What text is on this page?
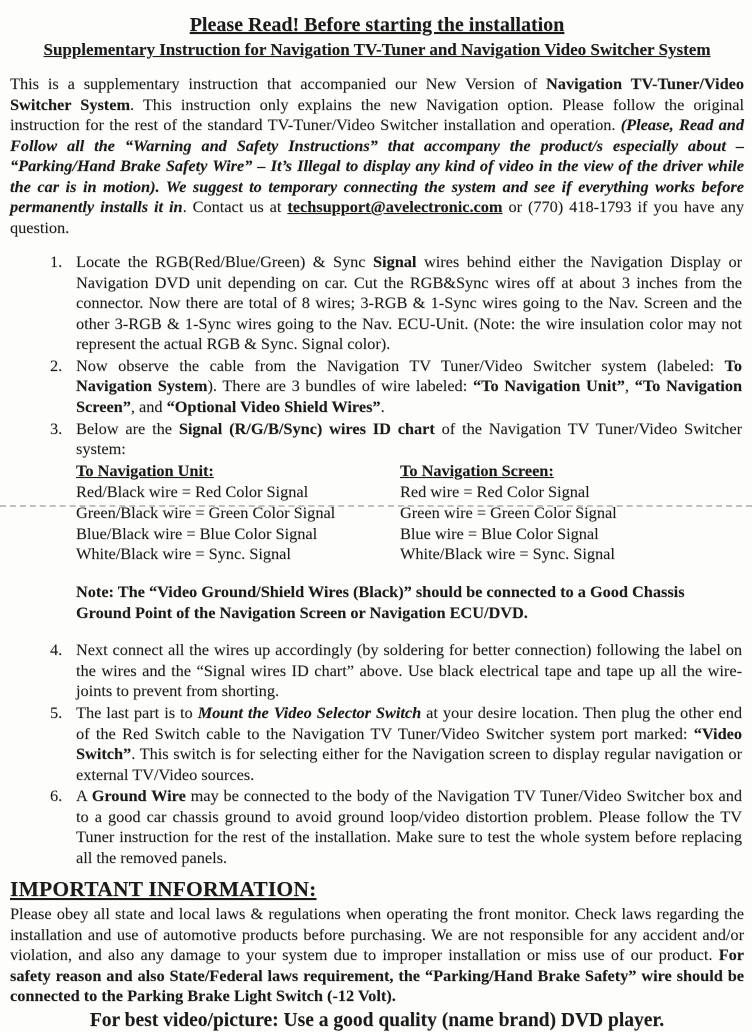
Please Read! Before starting the installation
Supplementary Instruction for Navigation TV-Tuner and Navigation Video Switcher System

This is a supplementary instruction that accompanied our New Version of Navigation TV-Tuner/Video Switcher System. This instruction only explains the new Navigation option. Please follow the original instruction for the rest of the standard TV-Tuner/Video Switcher installation and operation. (Please, Read and Follow all the “Warning and Safety Instructions” that accompany the product/s especially about – “Parking/Hand Brake Safety Wire” – It’s Illegal to display any kind of video in the view of the driver while the car is in motion). We suggest to temporary connecting the system and see if everything works before permanently installs it in. Contact us at techsupport@avelectronic.com or (770) 418-1793 if you have any question.

1. Locate the RGB(Red/Blue/Green) & Sync Signal wires behind either the Navigation Display or Navigation DVD unit depending on car. Cut the RGB&Sync wires off at about 3 inches from the connector. Now there are total of 8 wires; 3-RGB & 1-Sync wires going to the Nav. Screen and the other 3-RGB & 1-Sync wires going to the Nav. ECU-Unit. (Note: the wire insulation color may not represent the actual RGB & Sync. Signal color).
2. Now observe the cable from the Navigation TV Tuner/Video Switcher system (labeled: To Navigation System). There are 3 bundles of wire labeled: “To Navigation Unit”, “To Navigation Screen”, and “Optional Video Shield Wires”.
3. Below are the Signal (R/G/B/Sync) wires ID chart of the Navigation TV Tuner/Video Switcher system:
To Navigation Unit:
Red/Black wire = Red Color Signal
Green/Black wire = Green Color Signal
Blue/Black wire = Blue Color Signal
White/Black wire = Sync. Signal
To Navigation Screen:
Red wire = Red Color Signal
Green wire = Green Color Signal
Blue wire = Blue Color Signal
White/Black wire = Sync. Signal
Note: The “Video Ground/Shield Wires (Black)” should be connected to a Good Chassis Ground Point of the Navigation Screen or Navigation ECU/DVD.
4. Next connect all the wires up accordingly (by soldering for better connection) following the label on the wires and the “Signal wires ID chart” above. Use black electrical tape and tape up all the wire-joints to prevent from shorting.
5. The last part is to Mount the Video Selector Switch at your desire location. Then plug the other end of the Red Switch cable to the Navigation TV Tuner/Video Switcher system port marked: “Video Switch”. This switch is for selecting either for the Navigation screen to display regular navigation or external TV/Video sources.
6. A Ground Wire may be connected to the body of the Navigation TV Tuner/Video Switcher box and to a good car chassis ground to avoid ground loop/video distortion problem. Please follow the TV Tuner instruction for the rest of the installation. Make sure to test the whole system before replacing all the removed panels.
IMPORTANT INFORMATION:

Please obey all state and local laws & regulations when operating the front monitor. Check laws regarding the installation and use of automotive products before purchasing. We are not responsible for any accident and/or violation, and also any damage to your system due to improper installation or miss use of our product. For safety reason and also State/Federal laws requirement, the “Parking/Hand Brake Safety” wire should be connected to the Parking Brake Light Switch (-12 Volt).

For best video/picture: Use a good quality (name brand) DVD player.
